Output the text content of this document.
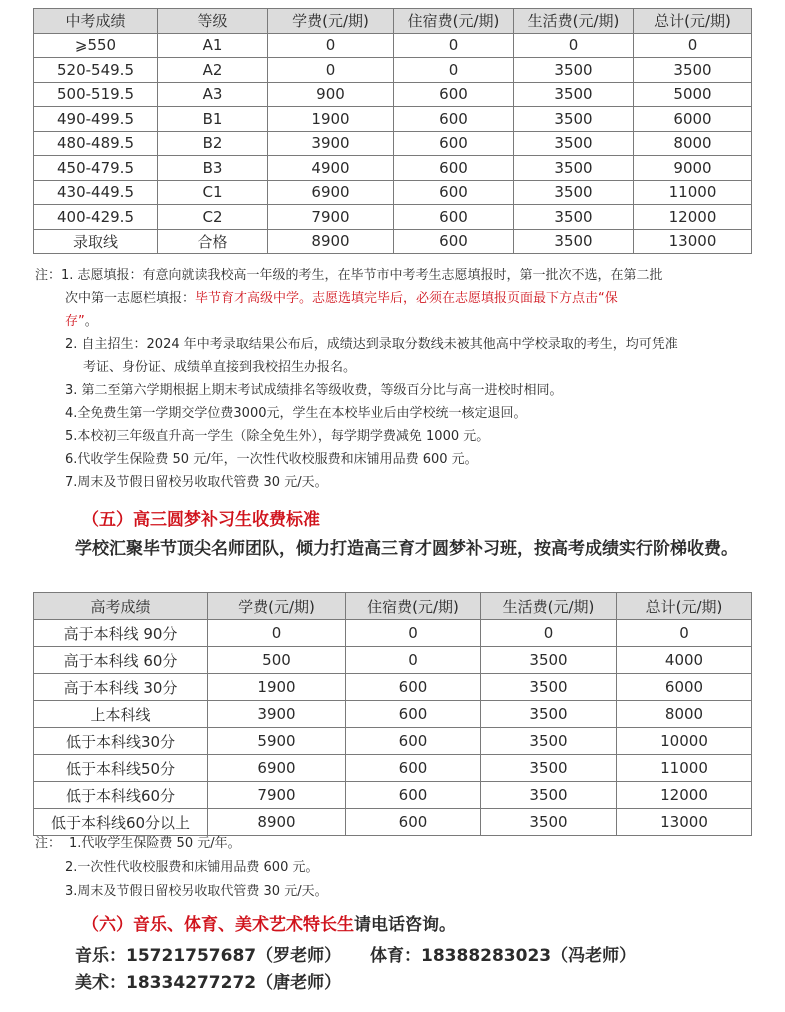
中考成绩	等级	学费(元/期)	住宿费(元/期)	生活费(元/期)	总计(元/期)
⩾550	A1	0	0	0	0
520-549.5	A2	0	0	3500	3500
500-519.5	A3	900	600	3500	5000
490-499.5	B1	1900	600	3500	6000
480-489.5	B2	3900	600	3500	8000
450-479.5	B3	4900	600	3500	9000
430-449.5	C1	6900	600	3500	11000
400-429.5	C2	7900	600	3500	12000
录取线	合格	8900	600	3500	13000
注：1. 志愿填报：有意向就读我校高一年级的考生，在毕节市中考考生志愿填报时，第一批次不选，在第二批
次中第一志愿栏填报：毕节育才高级中学。志愿选填完毕后，必须在志愿填报页面最下方点击“保
存”。
2. 自主招生：2024 年中考录取结果公布后，成绩达到录取分数线未被其他高中学校录取的考生，均可凭准
考证、身份证、成绩单直接到我校招生办报名。
3. 第二至第六学期根据上期末考试成绩排名等级收费，等级百分比与高一进校时相同。
4.全免费生第一学期交学位费3000元，学生在本校毕业后由学校统一核定退回。
5.本校初三年级直升高一学生（除全免生外），每学期学费减免 1000 元。
6.代收学生保险费 50 元/年，一次性代收校服费和床铺用品费 600 元。
7.周末及节假日留校另收取代管费 30 元/天。
（五）高三圆梦补习生收费标准
学校汇聚毕节顶尖名师团队，倾力打造高三育才圆梦补习班，按高考成绩实行阶梯收费。
高考成绩	学费(元/期)	住宿费(元/期)	生活费(元/期)	总计(元/期)
高于本科线 90分	0	0	0	0
高于本科线 60分	500	0	3500	4000
高于本科线 30分	1900	600	3500	6000
上本科线	3900	600	3500	8000
低于本科线30分	5900	600	3500	10000
低于本科线50分	6900	600	3500	11000
低于本科线60分	7900	600	3500	12000
低于本科线60分以上	8900	600	3500	13000
注： 1.代收学生保险费 50 元/年。
2.一次性代收校服费和床铺用品费 600 元。
3.周末及节假日留校另收取代管费 30 元/天。
（六）音乐、体育、美术艺术特长生请电话咨询。
音乐：15721757687（罗老师） 体育：18388283023（冯老师）
美术：18334277272（唐老师）
